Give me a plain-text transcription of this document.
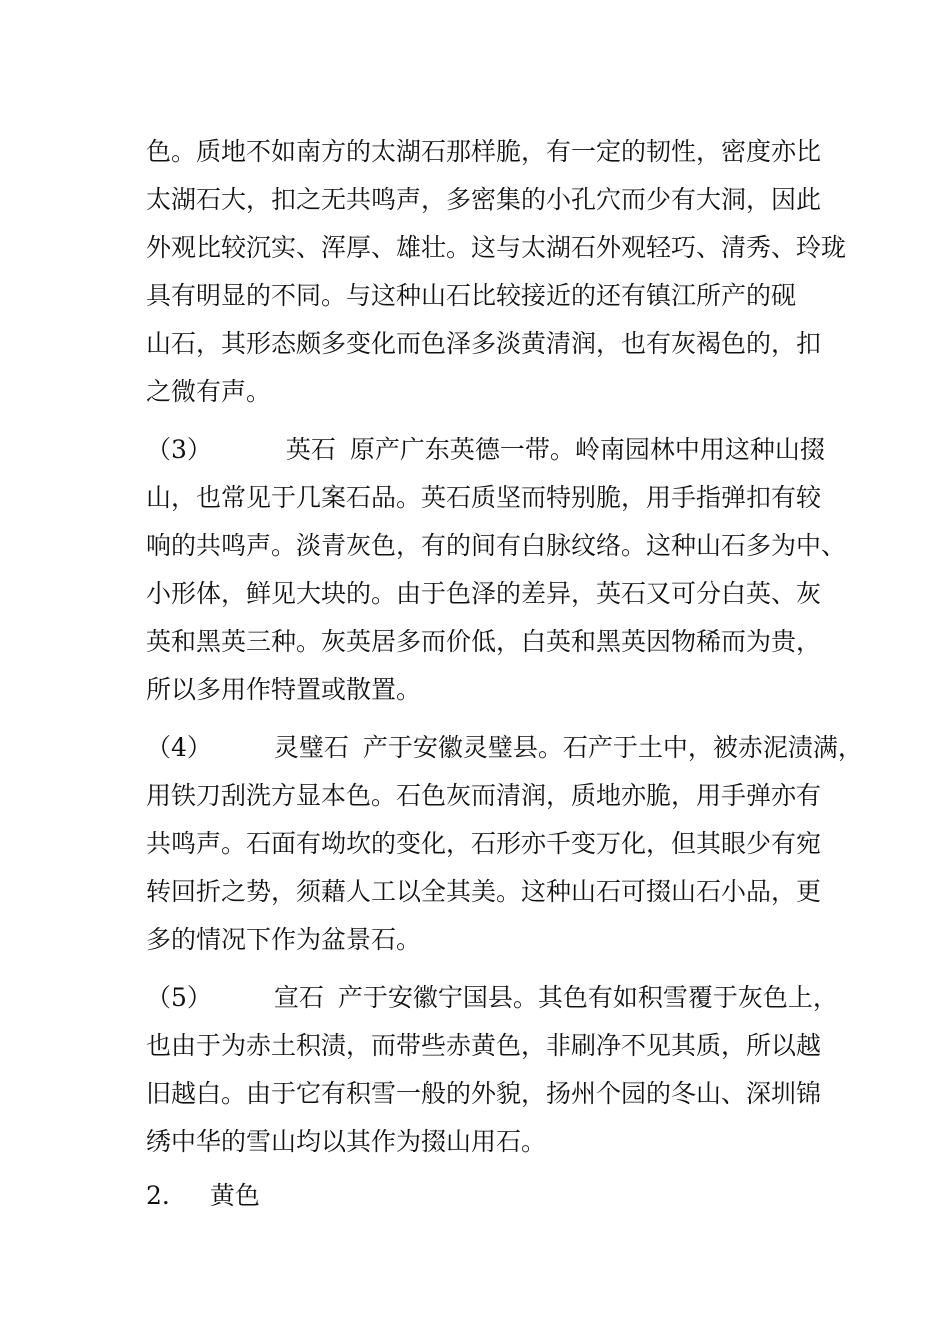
色。质地不如南方的太湖石那样脆，有一定的韧性，密度亦比
太湖石大，扣之无共鸣声，多密集的小孔穴而少有大洞，因此
外观比较沉实、浑厚、雄壮。这与太湖石外观轻巧、清秀、玲珑
具有明显的不同。与这种山石比较接近的还有镇江所产的砚
山石，其形态颇多变化而色泽多淡黄清润，也有灰褐色的，扣
之微有声。
（3）	英石 原产广东英德一带。岭南园林中用这种山掇
山，也常见于几案石品。英石质坚而特别脆，用手指弹扣有较
响的共鸣声。淡青灰色，有的间有白脉纹络。这种山石多为中、
小形体，鲜见大块的。由于色泽的差异，英石又可分白英、灰
英和黑英三种。灰英居多而价低，白英和黑英因物稀而为贵，
所以多用作特置或散置。
（4） 灵璧石 产于安徽灵璧县。石产于土中，被赤泥渍满，
用铁刀刮洗方显本色。石色灰而清润，质地亦脆，用手弹亦有
共鸣声。石面有坳坎的变化，石形亦千变万化，但其眼少有宛
转回折之势，须藉人工以全其美。这种山石可掇山石小品，更
多的情况下作为盆景石。
（5） 宣石 产于安徽宁国县。其色有如积雪覆于灰色上，
也由于为赤土积渍，而带些赤黄色，非刷净不见其质，所以越
旧越白。由于它有积雪一般的外貌，扬州个园的冬山、深圳锦
绣中华的雪山均以其作为掇山用石。
2. 黄色
